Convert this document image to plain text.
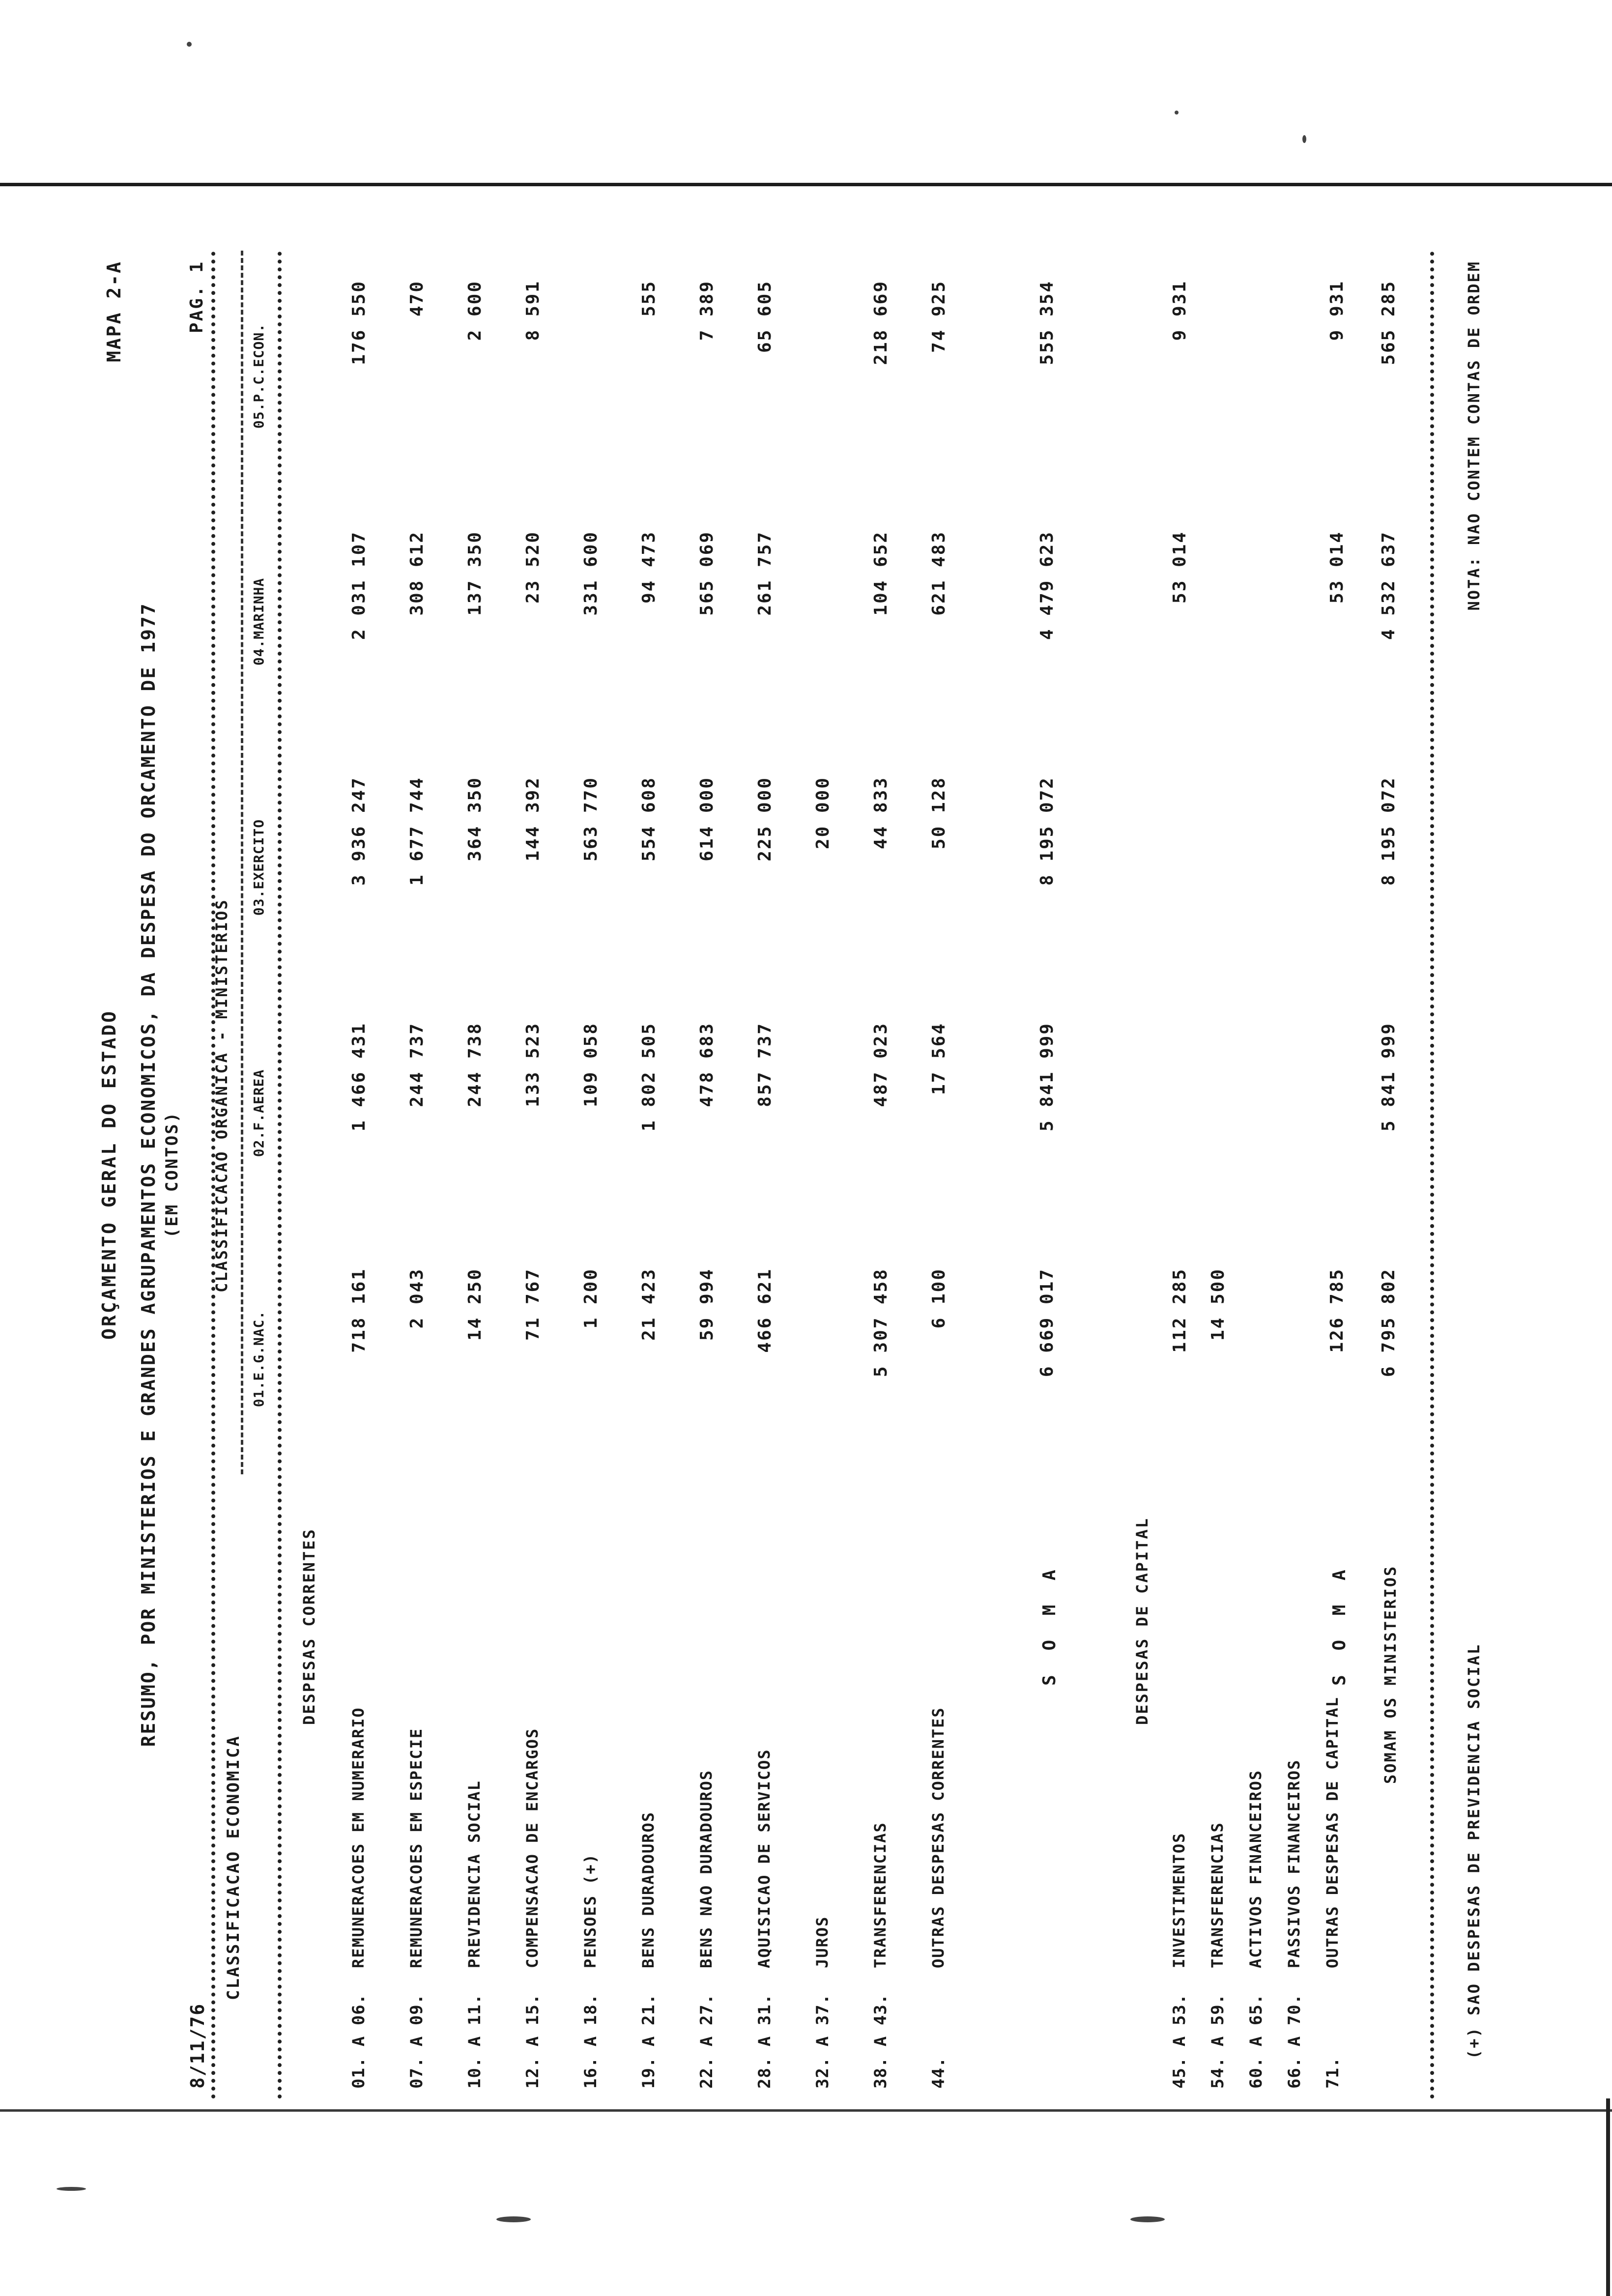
ORÇAMENTO GERAL DO ESTADO
MAPA 2-A
RESUMO, POR MINISTERIOS E GRANDES AGRUPAMENTOS ECONOMICOS, DA DESPESA DO ORCAMENTO DE 1977 (EM CONTOS)
8/11/76
PAG. 1
CLASSIFICACAO ECONOMICA
CLASSIFICACAO ORGANICA - MINISTERIOS
01.E.G.NAC.
02.F.AEREA
03.EXERCITO
04.MARINHA
05.P.C.ECON.
DESPESAS CORRENTES
01. A 06.
REMUNERACOES EM NUMERARIO
718 161
1 466 431
3 936 247
2 031 107
176 550
07. A 09.
REMUNERACOES EM ESPECIE
2 043
244 737
1 677 744
308 612
470
10. A 11.
PREVIDENCIA SOCIAL
14 250
244 738
364 350
137 350
2 600
12. A 15.
COMPENSACAO DE ENCARGOS
71 767
133 523
144 392
23 520
8 591
16. A 18.
PENSOES (+)
1 200
109 058
563 770
331 600
19. A 21.
BENS DURADOUROS
21 423
1 802 505
554 608
94 473
555
22. A 27.
BENS NAO DURADOUROS
59 994
478 683
614 000
565 069
7 389
28. A 31.
AQUISICAO DE SERVICOS
466 621
857 737
225 000
261 757
65 605
32. A 37.
JUROS
20 000
38. A 43.
TRANSFERENCIAS
5 307 458
487 023
44 833
104 652
218 669
44.
OUTRAS DESPESAS CORRENTES
6 100
17 564
50 128
621 483
74 925
S O M A
6 669 017
5 841 999
8 195 072
4 479 623
555 354
DESPESAS DE CAPITAL
45. A 53.
INVESTIMENTOS
112 285
53 014
9 931
54. A 59.
TRANSFERENCIAS
14 500
60. A 65.
ACTIVOS FINANCEIROS
66. A 70.
PASSIVOS FINANCEIROS
71.
OUTRAS DESPESAS DE CAPITAL
S O M A
126 785
53 014
9 931
SOMAM OS MINISTERIOS
6 795 802
5 841 999
8 195 072
4 532 637
565 285
(+) SAO DESPESAS DE PREVIDENCIA SOCIAL
NOTA: NAO CONTEM CONTAS DE ORDEM
